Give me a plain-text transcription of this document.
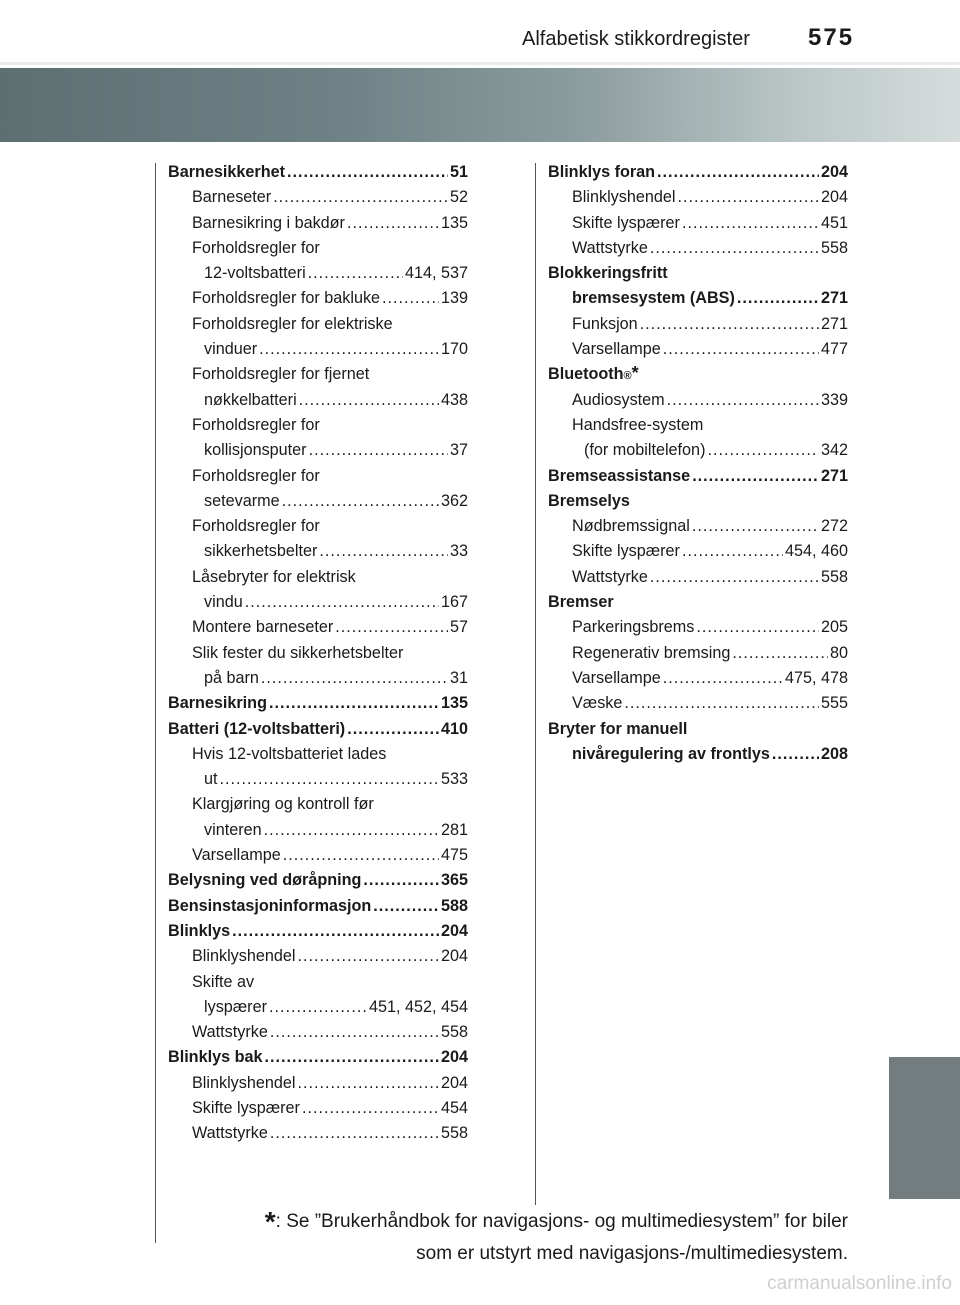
Alfabetisk stikkordregister 575
Barnesikkerhet .....	51
Barneseter .....	52
Barnesikring i bakdør .....	135
Forholdsregler for
12-voltsbatteri .....	414, 537
Forholdsregler for bakluke .....	139
Forholdsregler for elektriske
vinduer .....	170
Forholdsregler for fjernet
nøkkelbatteri .....	438
Forholdsregler for
kollisjonsputer .....	37
Forholdsregler for
setevarme .....	362
Forholdsregler for
sikkerhetsbelter .....	33
Låsebryter for elektrisk
vindu .....	167
Montere barneseter .....	57
Slik fester du sikkerhetsbelter
på barn .....	31
Barnesikring .....	135
Batteri (12-voltsbatteri) .....	410
Hvis 12-voltsbatteriet lades
ut .....	533
Klargjøring og kontroll før
vinteren .....	281
Varsellampe .....	475
Belysning ved døråpning .....	365
Bensinstasjoninformasjon .....	588
Blinklys .....	204
Blinklyshendel .....	204
Skifte av
lyspærer .....	451, 452, 454
Wattstyrke .....	558
Blinklys bak .....	204
Blinklyshendel .....	204
Skifte lyspærer .....	454
Wattstyrke .....	558
Blinklys foran .....	204
Blinklyshendel .....	204
Skifte lyspærer .....	451
Wattstyrke .....	558
Blokkeringsfritt
bremsesystem (ABS) .....	271
Funksjon .....	271
Varsellampe .....	477
Bluetooth ® *
Audiosystem .....	339
Handsfree-system
(for mobiltelefon) .....	342
Bremseassistanse .....	271
Bremselys
Nødbremssignal .....	272
Skifte lyspærer .....	454, 460
Wattstyrke .....	558
Bremser
Parkeringsbrems .....	205
Regenerativ bremsing .....	80
Varsellampe .....	475, 478
Væske .....	555
Bryter for manuell
nivåregulering av frontlys .....	208
*: Se ”Brukerhåndbok for navigasjons- og multimediesystem” for biler
som er utstyrt med navigasjons-/multimediesystem.
carmanualsonline.info
